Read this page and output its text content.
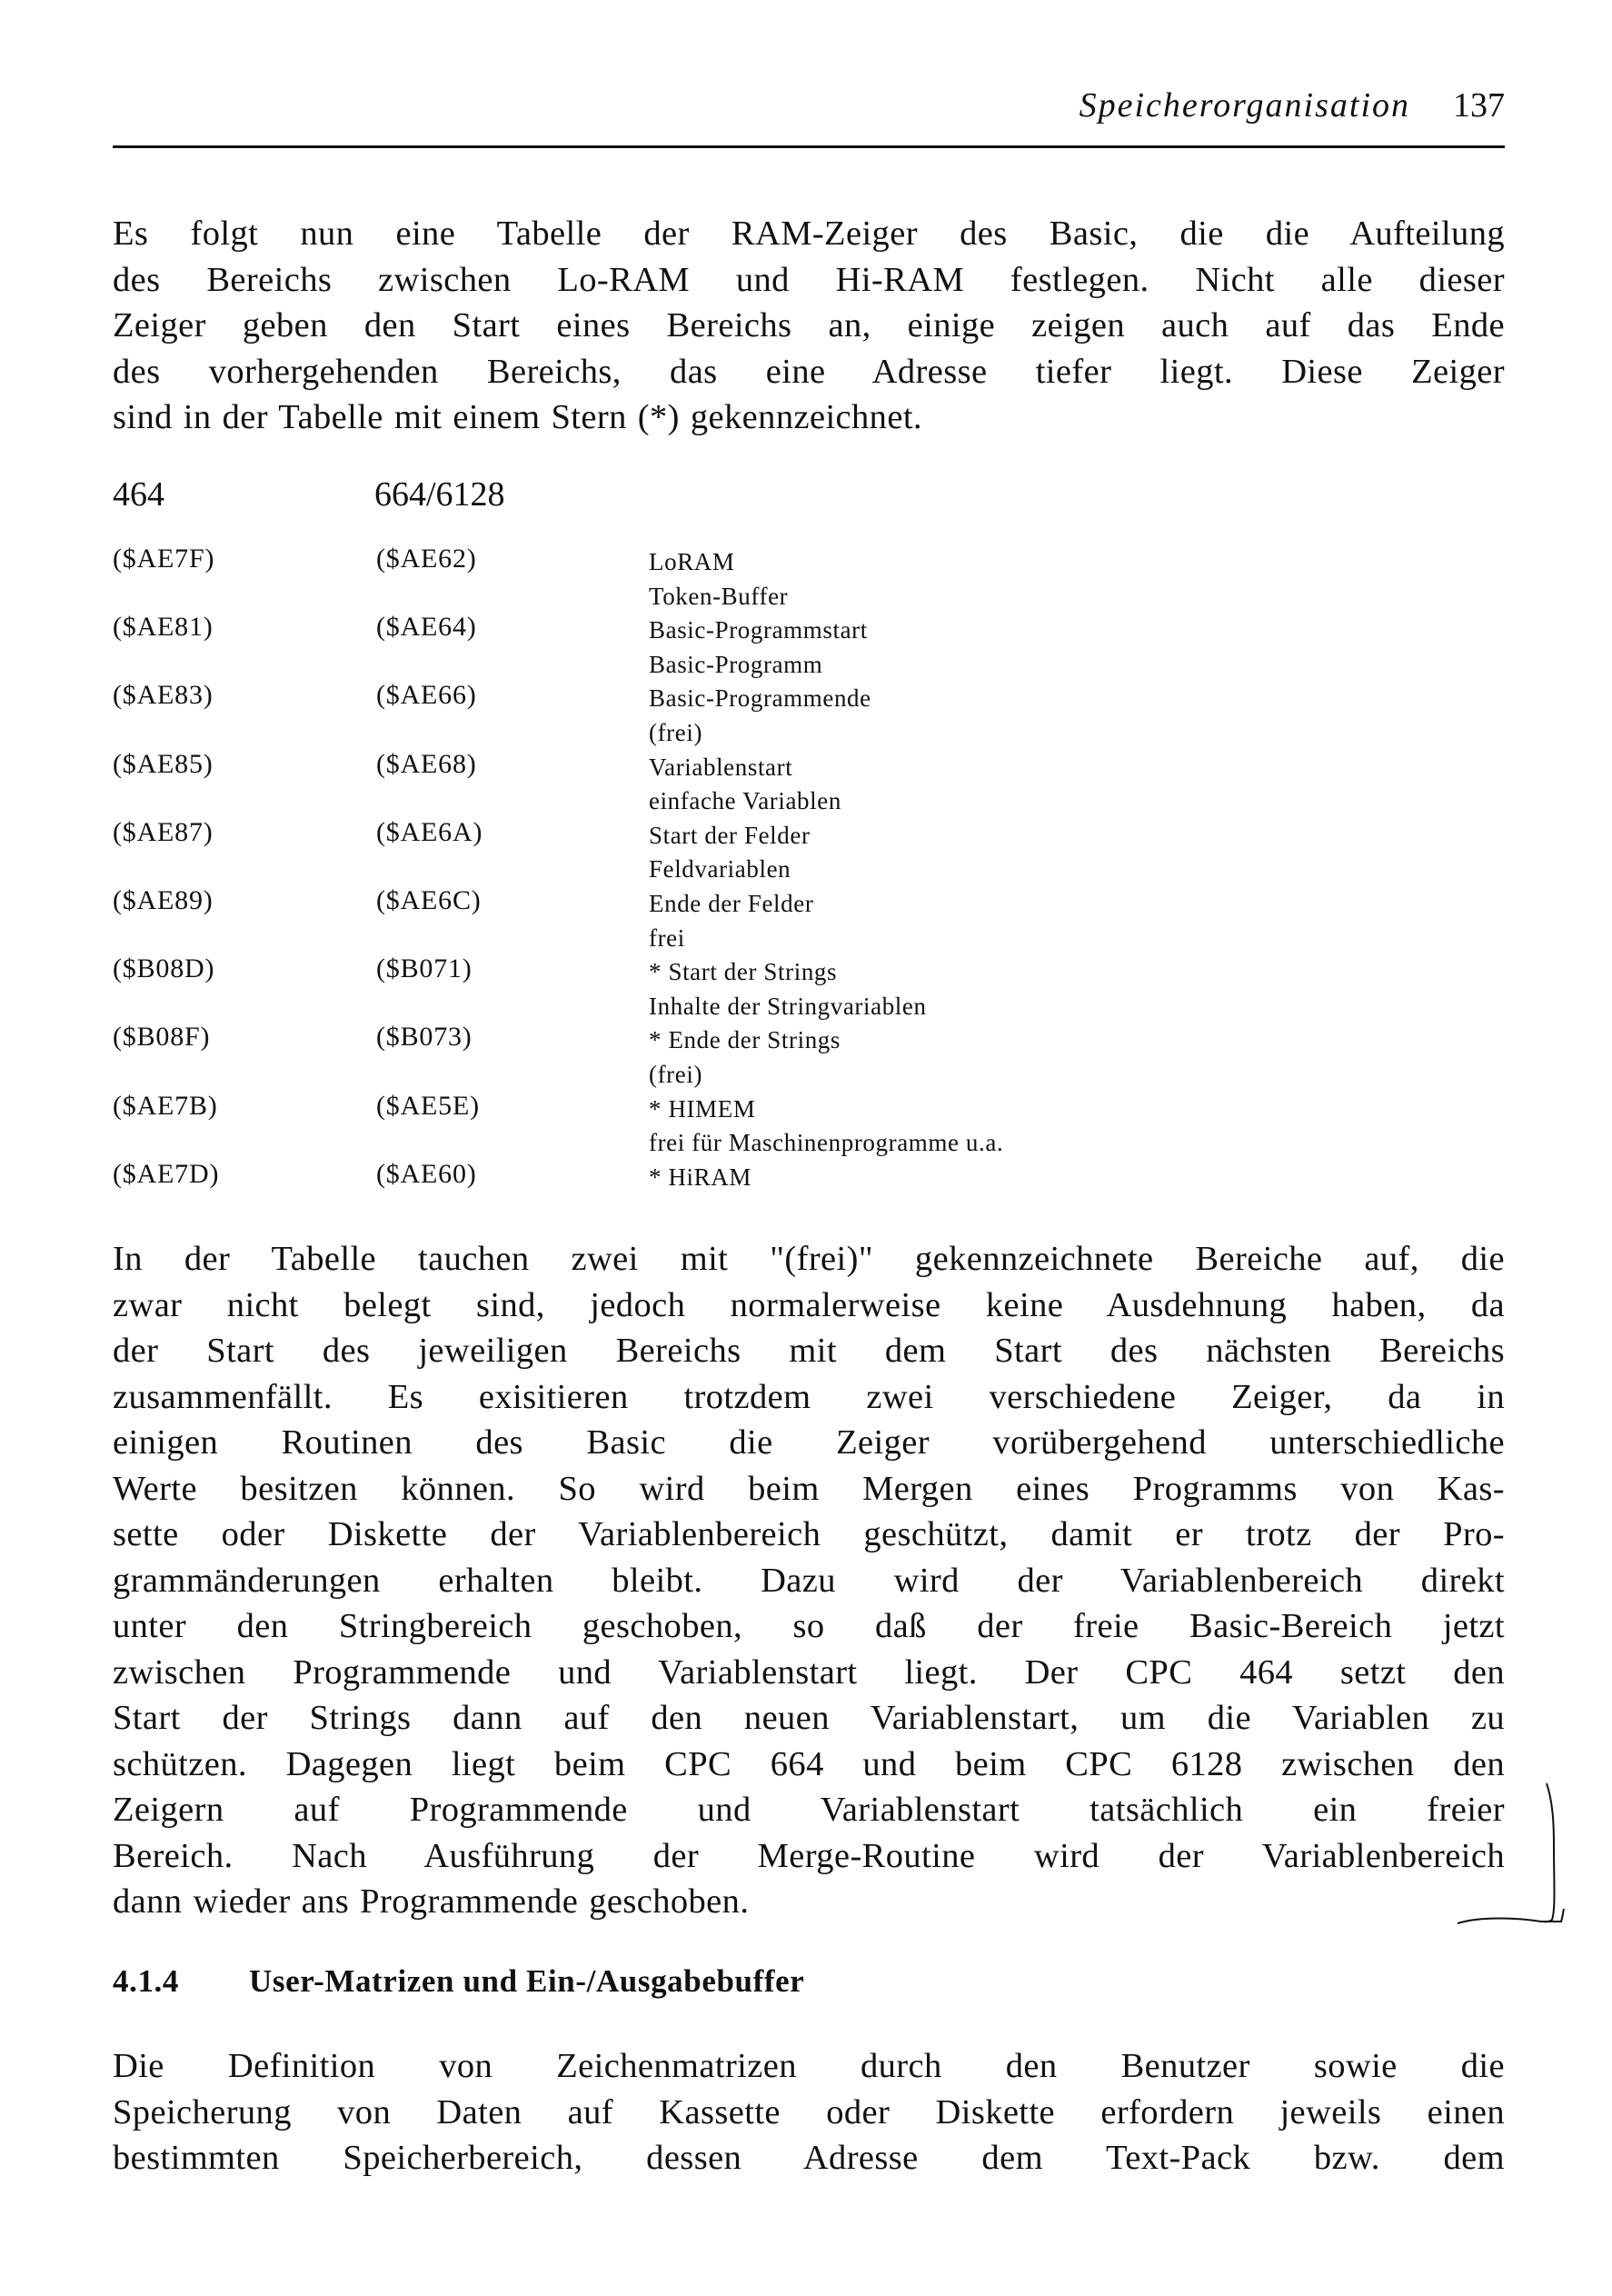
Speicherorganisation 137
Es folgt nun eine Tabelle der RAM-Zeiger des Basic, die die Aufteilung
des Bereichs zwischen Lo-RAM und Hi-RAM festlegen. Nicht alle dieser
Zeiger geben den Start eines Bereichs an, einige zeigen auch auf das Ende
des vorhergehenden Bereichs, das eine Adresse tiefer liegt. Diese Zeiger
sind in der Tabelle mit einem Stern (*) gekennzeichnet.
464	664/6128
($AE7F)	($AE62)	LoRAM
Token-Buffer
($AE81)	($AE64)	Basic-Programmstart
Basic-Programm
($AE83)	($AE66)	Basic-Programmende
(frei)
($AE85)	($AE68)	Variablenstart
einfache Variablen
($AE87)	($AE6A)	Start der Felder
Feldvariablen
($AE89)	($AE6C)	Ende der Felder
frei
($B08D)	($B071)	* Start der Strings
Inhalte der Stringvariablen
($B08F)	($B073)	* Ende der Strings
(frei)
($AE7B)	($AE5E)	* HIMEM
frei für Maschinenprogramme u.a.
($AE7D)	($AE60)	* HiRAM
In der Tabelle tauchen zwei mit "(frei)" gekennzeichnete Bereiche auf, die
zwar nicht belegt sind, jedoch normalerweise keine Ausdehnung haben, da
der Start des jeweiligen Bereichs mit dem Start des nächsten Bereichs
zusammenfällt. Es exisitieren trotzdem zwei verschiedene Zeiger, da in
einigen Routinen des Basic die Zeiger vorübergehend unterschiedliche
Werte besitzen können. So wird beim Mergen eines Programms von Kas-
sette oder Diskette der Variablenbereich geschützt, damit er trotz der Pro-
grammänderungen erhalten bleibt. Dazu wird der Variablenbereich direkt
unter den Stringbereich geschoben, so daß der freie Basic-Bereich jetzt
zwischen Programmende und Variablenstart liegt. Der CPC 464 setzt den
Start der Strings dann auf den neuen Variablenstart, um die Variablen zu
schützen. Dagegen liegt beim CPC 664 und beim CPC 6128 zwischen den
Zeigern auf Programmende und Variablenstart tatsächlich ein freier
Bereich. Nach Ausführung der Merge-Routine wird der Variablenbereich
dann wieder ans Programmende geschoben.
4.1.4 User-Matrizen und Ein-/Ausgabebuffer
Die Definition von Zeichenmatrizen durch den Benutzer sowie die
Speicherung von Daten auf Kassette oder Diskette erfordern jeweils einen
bestimmten Speicherbereich, dessen Adresse dem Text-Pack bzw. dem
